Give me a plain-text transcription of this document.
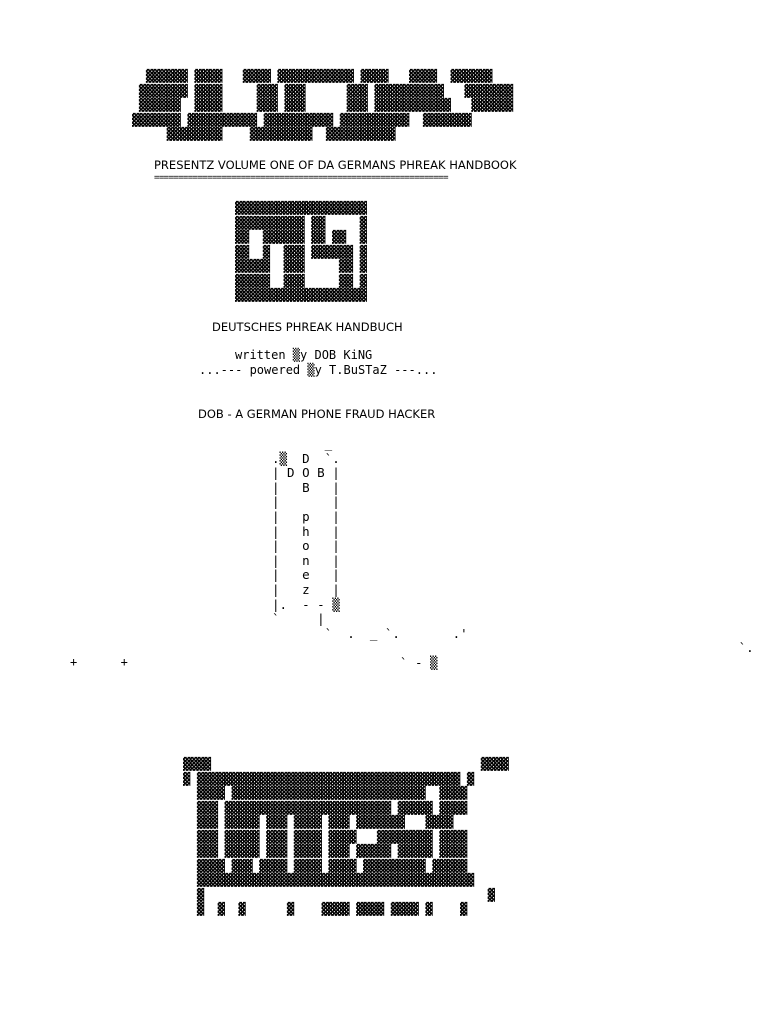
▓▓▓▓▓▓ ▓▓▓▓   ▓▓▓▓ ▓▓▓▓▓▓▓▓▓▓▓ ▓▓▓▓   ▓▓▓▓  ▓▓▓▓▓▓
▓▓▓▓▓▓▓ ▓▓▓▓     ▓▓▓ ▓▓▓      ▓▓▓ ▓▓▓▓▓▓▓▓▓▓   ▓▓▓▓▓▓▓
▓▓▓▓▓▓  ▓▓▓▓     ▓▓▓ ▓▓▓      ▓▓▓ ▓▓▓▓▓▓▓▓▓▓▓   ▓▓▓▓▓▓
▓▓▓▓▓▓▓ ▓▓▓▓▓▓▓▓▓▓ ▓▓▓▓▓▓▓▓▓▓ ▓▓▓▓▓▓▓▓▓▓  ▓▓▓▓▓▓▓
▓▓▓▓▓▓▓▓    ▓▓▓▓▓▓▓▓▓  ▓▓▓▓▓▓▓▓▓▓
PRESENTZ VOLUME ONE OF DA GERMANS PHREAK HANDBOOK
=============================================================
▓▓▓▓▓▓▓▓▓▓▓▓▓▓▓▓▓▓▓
▓▓▓▓▓▓▓▓▓▓ ▓▓     ▓
▓▓  ▓▓▓▓▓▓ ▓▓ ▓▓  ▓
▓▓  ▓  ▓▓▓ ▓▓▓▓▓▓ ▓
▓▓▓▓▓  ▓▓▓     ▓▓ ▓
▓▓▓▓▓  ▓▓▓     ▓▓ ▓
▓▓▓▓▓▓▓▓▓▓▓▓▓▓▓▓▓▓▓
DEUTSCHES PHREAK HANDBUCH
written ▒y DOB KiNG
...--- powered ▒y T.BuSTaZ ---...
DOB - A GERMAN PHONE FRAUD HACKER
_
.▒  D  `.
| D O B |
|   B   |
|       |
|   p   |
|   h   |
|   o   |
|   n   |
|   e   |
|   z   |
|.  - - ▒
`     |
`  .  _ `.       .'
`.
` - ▒
+      +
▓▓▓▓                                       ▓▓▓▓
▓ ▓▓▓▓▓▓▓▓▓▓▓▓▓▓▓▓▓▓▓▓▓▓▓▓▓▓▓▓▓▓▓▓▓▓▓▓▓▓ ▓
▓▓▓▓ ▓▓▓▓▓▓▓▓▓▓▓▓▓▓▓▓▓▓▓▓▓▓▓▓▓▓▓▓  ▓▓▓▓
▓▓▓ ▓▓▓▓▓▓▓▓▓▓▓▓▓▓▓▓▓▓▓▓▓▓▓▓ ▓▓▓▓▓ ▓▓▓▓
▓▓▓ ▓▓▓▓▓ ▓▓▓ ▓▓▓▓ ▓▓▓ ▓▓▓▓▓▓▓   ▓▓▓▓
▓▓▓ ▓▓▓▓▓ ▓▓▓ ▓▓▓▓ ▓▓▓▓   ▓▓▓▓▓▓▓▓ ▓▓▓▓
▓▓▓ ▓▓▓▓▓ ▓▓▓ ▓▓▓▓ ▓▓▓ ▓▓▓▓▓ ▓▓▓▓▓ ▓▓▓▓
▓▓▓▓ ▓▓▓ ▓▓▓▓ ▓▓▓▓ ▓▓▓▓ ▓▓▓▓▓▓▓▓▓ ▓▓▓▓▓
▓▓▓▓▓▓▓▓▓▓▓▓▓▓▓▓▓▓▓▓▓▓▓▓▓▓▓▓▓▓▓▓▓▓▓▓▓▓▓▓
▓                                         ▓
▓  ▓  ▓      ▓    ▓▓▓▓ ▓▓▓▓ ▓▓▓▓ ▓    ▓
